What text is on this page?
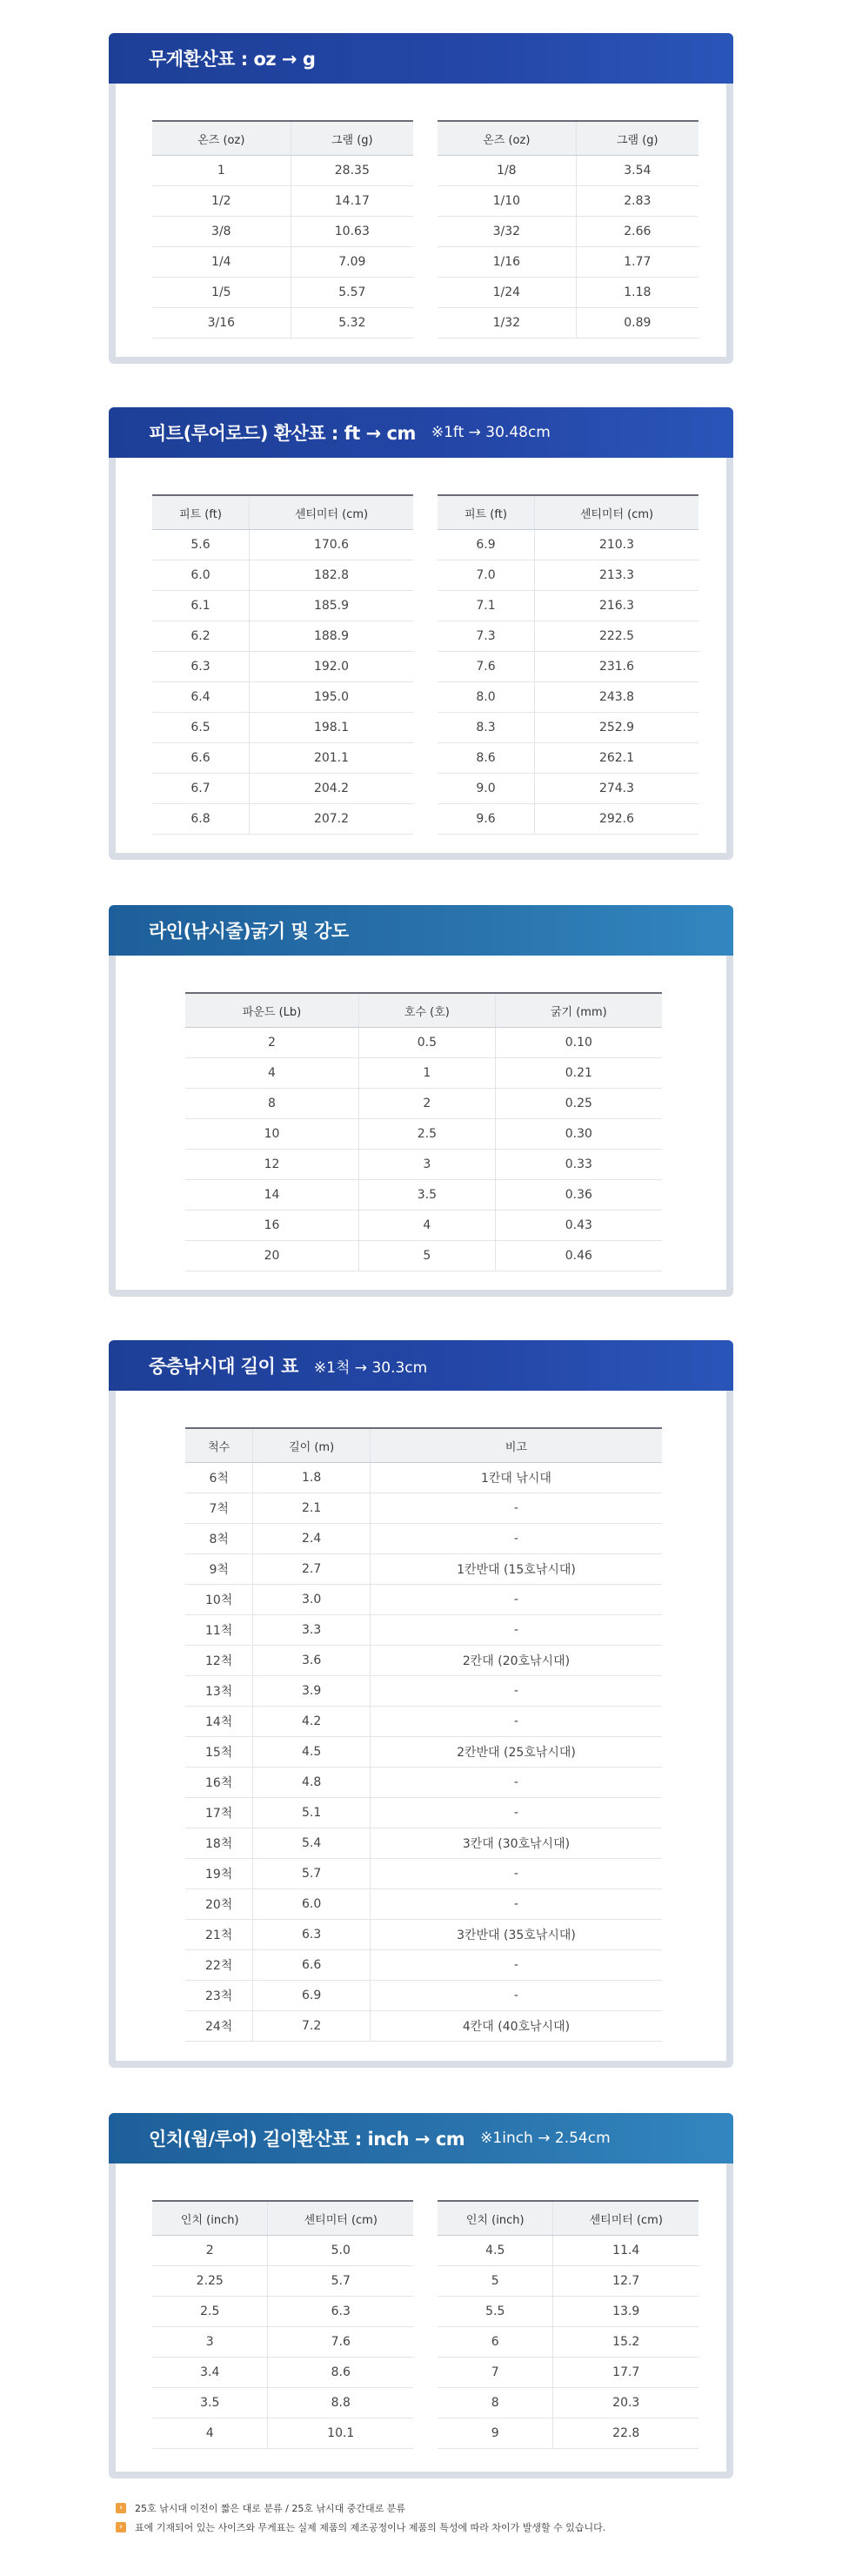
무게환산표 : oz → g
온즈 (oz)	그램 (g)
1	28.35
1/2	14.17
3/8	10.63
1/4	7.09
1/5	5.57
3/16	5.32
온즈 (oz)	그램 (g)
1/8	3.54
1/10	2.83
3/32	2.66
1/16	1.77
1/24	1.18
1/32	0.89
피트(루어로드) 환산표 : ft → cm ※1ft → 30.48cm
피트 (ft)	센티미터 (cm)
5.6	170.6
6.0	182.8
6.1	185.9
6.2	188.9
6.3	192.0
6.4	195.0
6.5	198.1
6.6	201.1
6.7	204.2
6.8	207.2
피트 (ft)	센티미터 (cm)
6.9	210.3
7.0	213.3
7.1	216.3
7.3	222.5
7.6	231.6
8.0	243.8
8.3	252.9
8.6	262.1
9.0	274.3
9.6	292.6
라인(낚시줄)굵기 및 강도
파운드 (Lb)	호수 (호)	굵기 (mm)
2	0.5	0.10
4	1	0.21
8	2	0.25
10	2.5	0.30
12	3	0.33
14	3.5	0.36
16	4	0.43
20	5	0.46
중층낚시대 길이 표 ※1척 → 30.3cm
척수	길이 (m)	비고
6척	1.8	1칸대 낚시대
7척	2.1	-
8척	2.4	-
9척	2.7	1칸반대 (15호낚시대)
10척	3.0	-
11척	3.3	-
12척	3.6	2칸대 (20호낚시대)
13척	3.9	-
14척	4.2	-
15척	4.5	2칸반대 (25호낚시대)
16척	4.8	-
17척	5.1	-
18척	5.4	3칸대 (30호낚시대)
19척	5.7	-
20척	6.0	-
21척	6.3	3칸반대 (35호낚시대)
22척	6.6	-
23척	6.9	-
24척	7.2	4칸대 (40호낚시대)
인치(웜/루어) 길이환산표 : inch → cm ※1inch → 2.54cm
인치 (inch)	센티미터 (cm)
2	5.0
2.25	5.7
2.5	6.3
3	7.6
3.4	8.6
3.5	8.8
4	10.1
인치 (inch)	센티미터 (cm)
4.5	11.4
5	12.7
5.5	13.9
6	15.2
7	17.7
8	20.3
9	22.8
›	25호 낚시대 이전이 짧은 대로 분류 / 25호 낚시대 중간대로 분류
›	표에 기재되어 있는 사이즈와 무게표는 실제 제품의 제조공정이나 제품의 특성에 따라 차이가 발생할 수 있습니다.
